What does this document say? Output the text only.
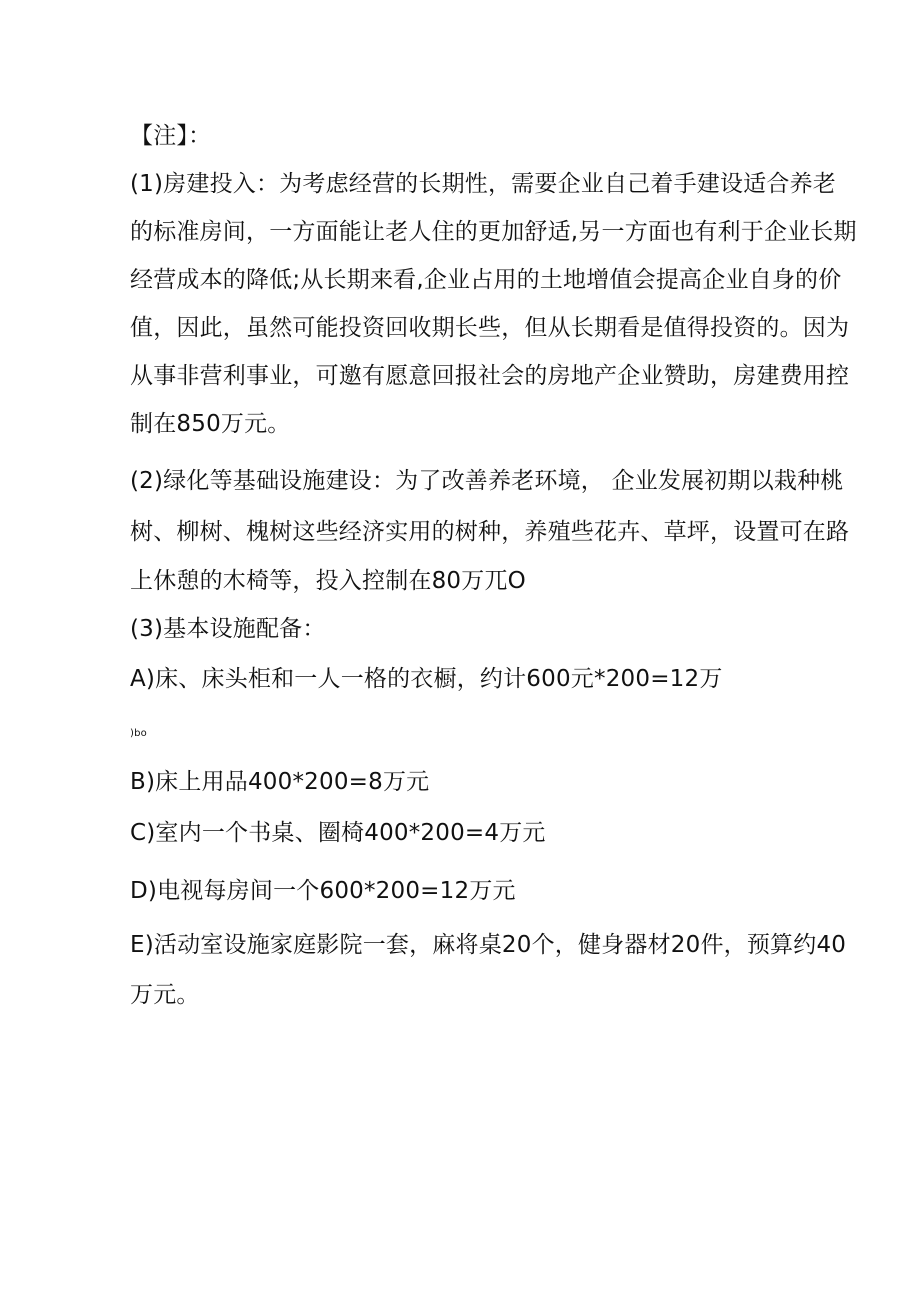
【注】：
(1)房建投入：为考虑经营的长期性，需要企业自己着手建设适合养老
的标准房间，一方面能让老人住的更加舒适,另一方面也有利于企业长期
经营成本的降低;从长期来看,企业占用的土地增值会提高企业自身的价
值，因此，虽然可能投资回收期长些，但从长期看是值得投资的。因为
从事非营利事业，可邀有愿意回报社会的房地产企业赞助，房建费用控
制在850万元。
(2)绿化等基础设施建设：为了改善养老环境， 企业发展初期以栽种桃
树、柳树、槐树这些经济实用的树种，养殖些花卉、草坪，设置可在路
上休憩的木椅等，投入控制在80万兀O
(3)基本设施配备：
A)床、床头柜和一人一格的衣橱，约计600元*200=12万
)bo
B)床上用品400*200=8万元
C)室内一个书桌、圈椅400*200=4万元
D)电视每房间一个600*200=12万元
E)活动室设施家庭影院一套，麻将桌20个，健身器材20件，预算约40
万元。
